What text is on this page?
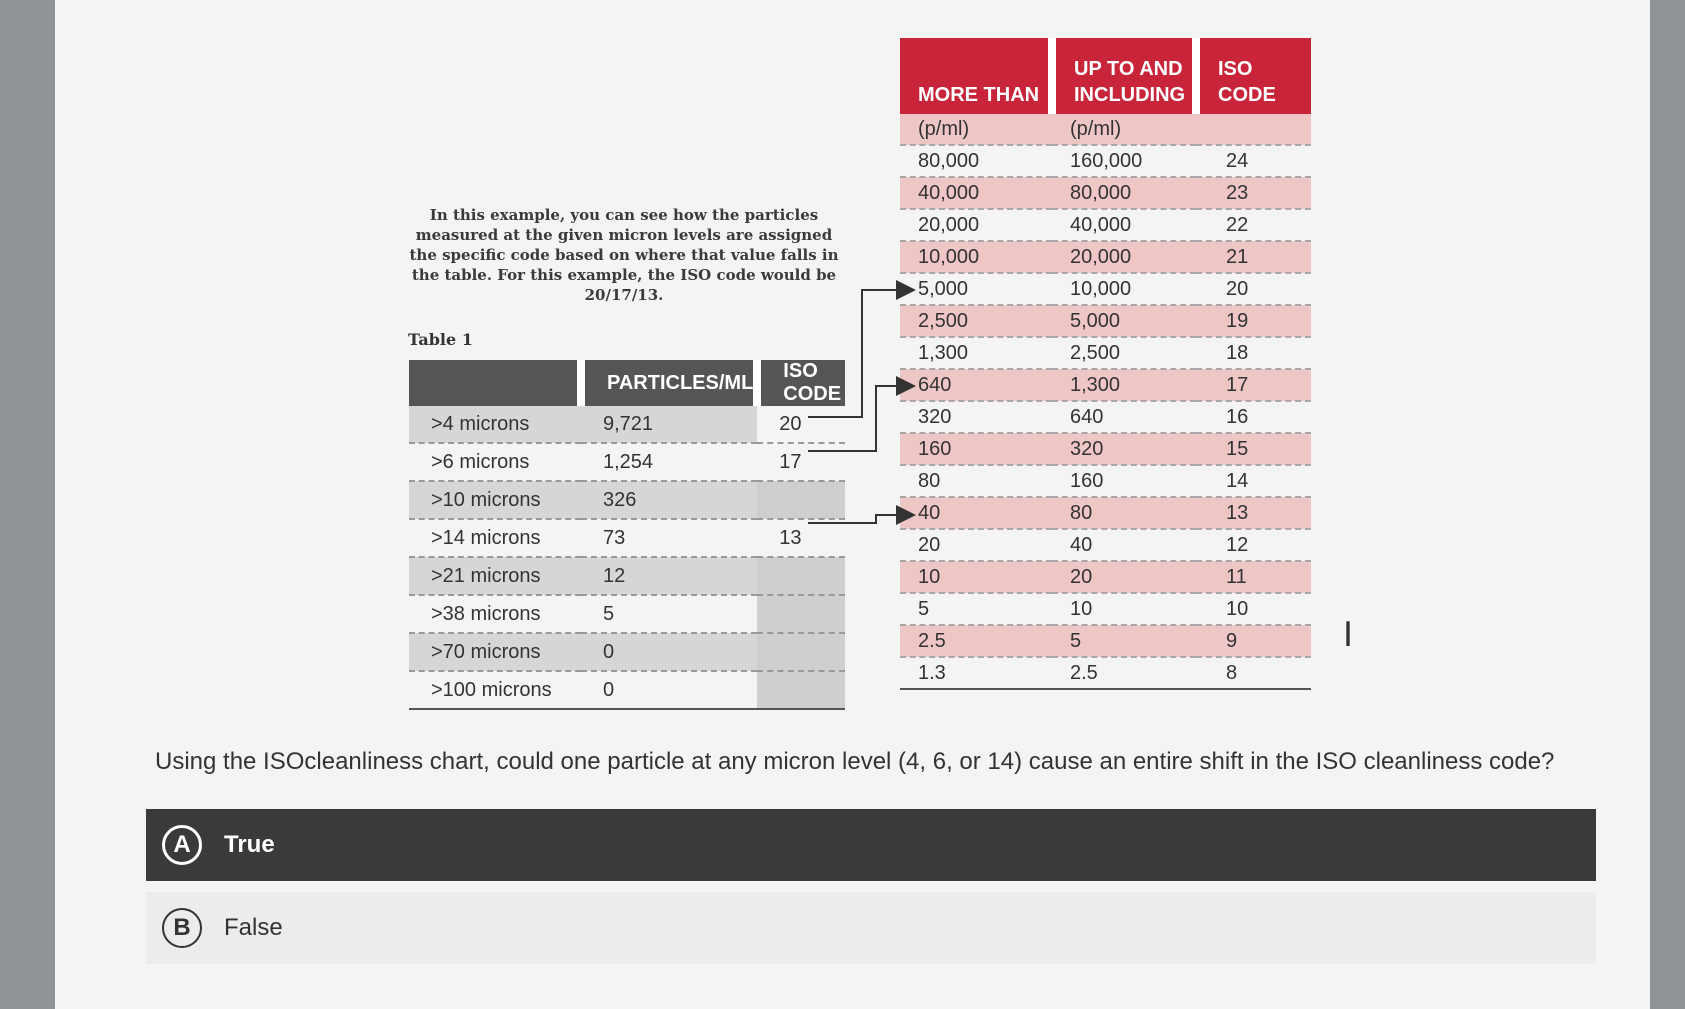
In this example, you can see how the particles measured at the given micron levels are assigned the specific code based on where that value falls in the table. For this example, the ISO code would be 20/17/13.
Table 1
	PARTICLES/ML	ISO CODE
>4 microns	9,721	20
>6 microns	1,254	17
>10 microns	326	
>14 microns	73	13
>21 microns	12	
>38 microns	5	
>70 microns	0	
>100 microns	0	
MORE THAN	UP TO AND INCLUDING	ISO CODE
(p/ml)	(p/ml)	
80,000	160,000	24
40,000	80,000	23
20,000	40,000	22
10,000	20,000	21
5,000	10,000	20
2,500	5,000	19
1,300	2,500	18
640	1,300	17
320	640	16
160	320	15
80	160	14
40	80	13
20	40	12
10	20	11
5	10	10
2.5	5	9
1.3	2.5	8
Using the ISOcleanliness chart, could one particle at any micron level (4, 6, or 14) cause an entire shift in the ISO cleanliness code?
A	True
B	False
I
